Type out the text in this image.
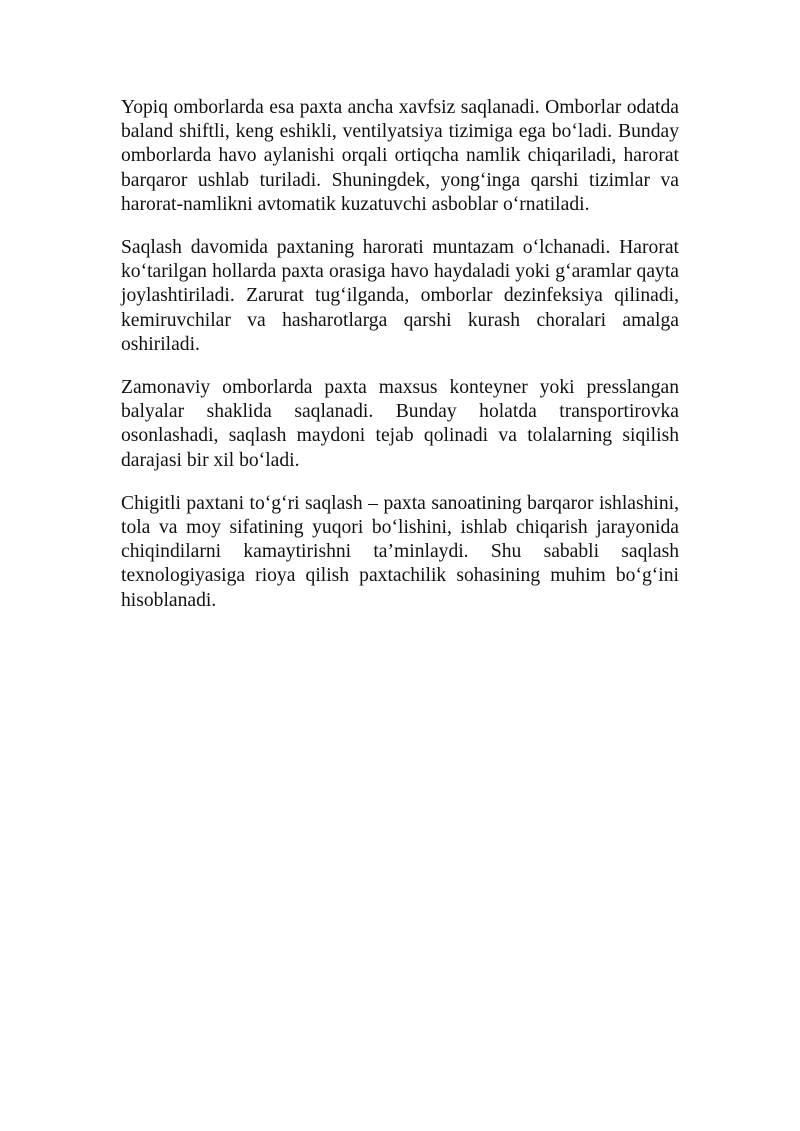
Yopiq omborlarda esa paxta ancha xavfsiz saqlanadi. Omborlar odatda baland shiftli, keng eshikli, ventilyatsiya tizimiga ega bo‘ladi. Bunday omborlarda havo aylanishi orqali ortiqcha namlik chiqariladi, harorat barqaror ushlab turiladi. Shuningdek, yong‘inga qarshi tizimlar va harorat-namlikni avtomatik kuzatuvchi asboblar o‘rnatiladi.

Saqlash davomida paxtaning harorati muntazam o‘lchanadi. Harorat ko‘tarilgan hollarda paxta orasiga havo haydaladi yoki g‘aramlar qayta joylashtiriladi. Zarurat tug‘ilganda, omborlar dezinfeksiya qilinadi, kemiruvchilar va hasharotlarga qarshi kurash choralari amalga oshiriladi.

Zamonaviy omborlarda paxta maxsus konteyner yoki presslangan balyalar shaklida saqlanadi. Bunday holatda transportirovka osonlashadi, saqlash maydoni tejab qolinadi va tolalarning siqilish darajasi bir xil bo‘ladi.

Chigitli paxtani to‘g‘ri saqlash – paxta sanoatining barqaror ishlashini, tola va moy sifatining yuqori bo‘lishini, ishlab chiqarish jarayonida chiqindilarni kamaytirishni ta’minlaydi. Shu sababli saqlash texnologiyasiga rioya qilish paxtachilik sohasining muhim bo‘g‘ini hisoblanadi.
